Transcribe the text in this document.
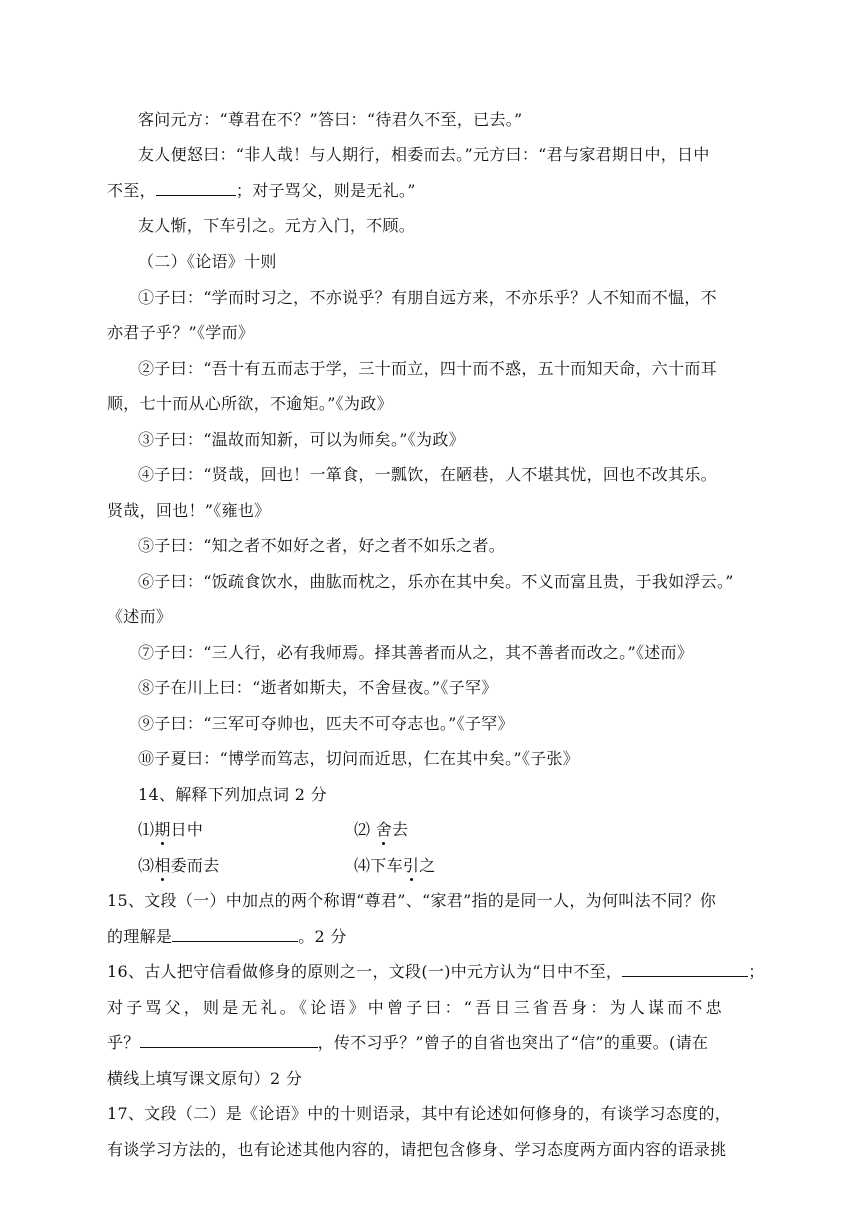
客问元方：“尊君在不？”答曰：“待君久不至，已去。”
友人便怒曰：“非人哉！与人期行，相委而去。”元方曰：“君与家君期日中，日中
不至，	；对子骂父，则是无礼。”
友人惭，下车引之。元方入门，不顾。
（二）《论语》十则
①子曰：“学而时习之，不亦说乎？有朋自远方来，不亦乐乎？人不知而不愠，不
亦君子乎？”《学而》
②子曰：“吾十有五而志于学，三十而立，四十而不惑，五十而知天命，六十而耳
顺，七十而从心所欲，不逾矩。”《为政》
③子曰：“温故而知新，可以为师矣。”《为政》
④子曰：“贤哉，回也！一箪食，一瓢饮，在陋巷，人不堪其忧，回也不改其乐。
贤哉，回也！”《雍也》
⑤子曰：“知之者不如好之者，好之者不如乐之者。
⑥子曰：“饭疏食饮水，曲肱而枕之，乐亦在其中矣。不义而富且贵，于我如浮云。”
《述而》
⑦子曰：“三人行，必有我师焉。择其善者而从之，其不善者而改之。”《述而》
⑧子在川上曰：“逝者如斯夫，不舍昼夜。”《子罕》
⑨子曰：“三军可夺帅也，匹夫不可夺志也。”《子罕》
⑩子夏曰：“博学而笃志，切问而近思，仁在其中矣。”《子张》
14、解释下列加点词 2 分
⑴期日中	⑵ 舍去
⑶相委而去	⑷下车引之
15、文段（一）中加点的两个称谓“尊君”、“家君”指的是同一人，为何叫法不同？你
的理解是	。2 分
16、古人把守信看做修身的原则之一，文段(一)中元方认为“日中不至，	；
对子骂父，则是无礼。《论语》中曾子曰：“吾日三省吾身：为人谋而不忠
乎？	，传不习乎？”曾子的自省也突出了“信”的重要。(请在
横线上填写课文原句）2 分
17、文段（二）是《论语》中的十则语录，其中有论述如何修身的，有谈学习态度的，
有谈学习方法的，也有论述其他内容的，请把包含修身、学习态度两方面内容的语录挑
